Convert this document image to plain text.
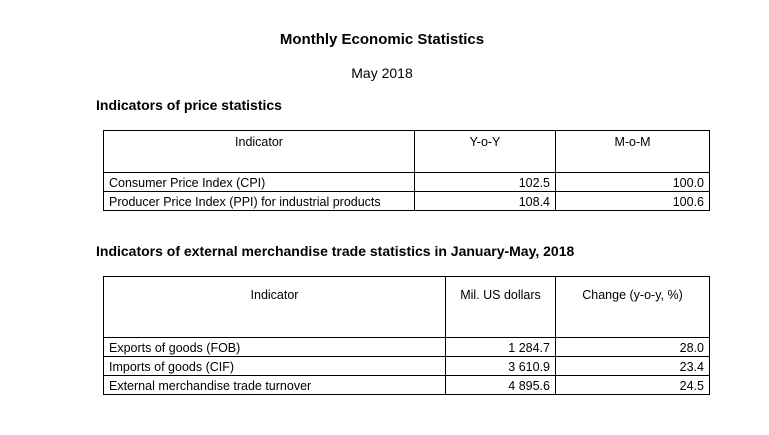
Monthly Economic Statistics
May 2018
Indicators of price statistics
Indicator	Y-o-Y	M-o-M
Consumer Price Index (CPI)	102.5	100.0
Producer Price Index (PPI) for industrial products	108.4	100.6
Indicators of external merchandise trade statistics in January-May, 2018
Indicator	Mil. US dollars	Change (y-o-y, %)
Exports of goods (FOB)	1 284.7	28.0
Imports of goods (CIF)	3 610.9	23.4
External merchandise trade turnover	4 895.6	24.5
